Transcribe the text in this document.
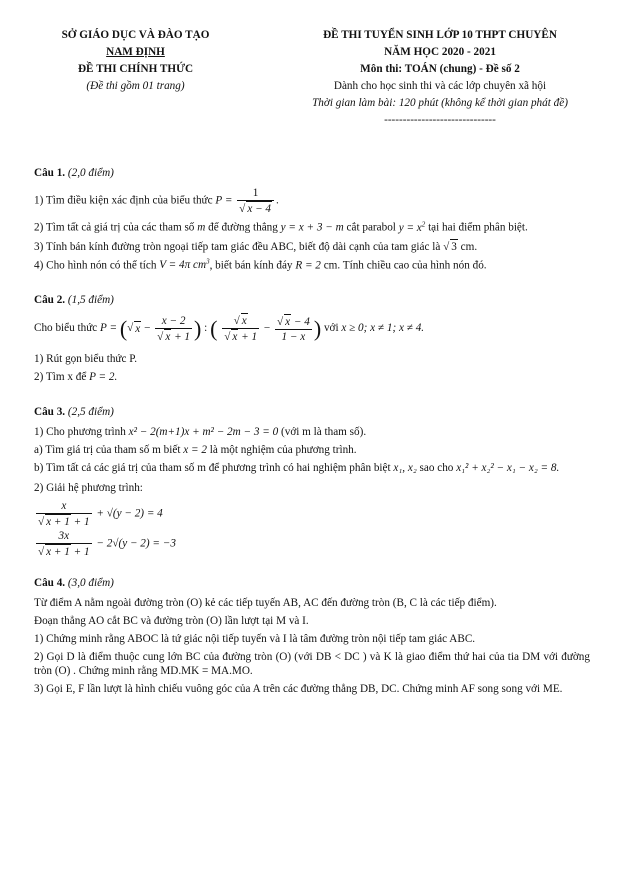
SỞ GIÁO DỤC VÀ ĐÀO TẠO
NAM ĐỊNH
ĐỀ THI CHÍNH THỨC
(Đề thi gồm 01 trang)
ĐỀ THI TUYỂN SINH LỚP 10 THPT CHUYÊN
NĂM HỌC 2020 - 2021
Môn thi: TOÁN (chung) - Đề số 2
Dành cho học sinh thi và các lớp chuyên xã hội
Thời gian làm bài: 120 phút (không kể thời gian phát đề)
------------------------------
Câu 1. (2,0 điểm)

1) Tìm điều kiện xác định của biểu thức $P = \frac{1}{√ x - 4}$ .

2) Tìm tất cả giá trị của các tham số m để đường thẳng y = x + 3 − m cắt parabol $y = x^2$ tại hai điểm phân biệt.

3) Tính bán kính đường tròn ngoại tiếp tam giác đều ABC, biết độ dài cạnh của tam giác là √ 3 cm.

4) Cho hình nón có thể tích V = 4π $cm^3$, biết bán kính đáy R = 2 cm. Tính chiều cao của hình nón đó.

Câu 2. (1,5 điểm)

Cho biểu thức P = (√ $x - \frac{x - 2}{√ x + 1}$ ) : ( $\frac{√ x}{√ x + 1} - \frac{√ x - 4}{1 - x}$ ) với x ≥ 0; x ≠ 1; x ≠ 4.

1) Rút gọn biểu thức P.

2) Tìm x để P = 2.

Câu 3. (2,5 điểm)

1) Cho phương trình x² − 2(m+1)x + m² − 2m − 3 = 0 (với m là tham số).

a) Tìm giá trị của tham số m biết x = 2 là một nghiệm của phương trình.

b) Tìm tất cả các giá trị của tham số m để phương trình có hai nghiệm phân biệt x₁, x₂ sao cho x₁² + x₂² − x₁ − x₂ = 8.

2) Giải hệ phương trình:

$\frac{x}{√ x + 1 + 1} + √(y - 2) = 4$
$\frac{3x}{√ x + 1 + 1} - 2√(y - 2) = -3$

Câu 4. (3,0 điểm)

Từ điểm A nằm ngoài đường tròn (O) kẻ các tiếp tuyến AB, AC đến đường tròn (B, C là các tiếp điểm).

Đoạn thẳng AO cắt BC và đường tròn (O) lần lượt tại M và I.

1) Chứng minh rằng ABOC là tứ giác nội tiếp tuyến và I là tâm đường tròn nội tiếp tam giác ABC.

2) Gọi D là điểm thuộc cung lớn BC của đường tròn (O) (với DB < DC ) và K là giao điểm thứ hai của tia DM với đường tròn (O) . Chứng minh rằng MD.MK = MA.MO.

3) Gọi E, F lần lượt là hình chiếu vuông góc của A trên các đường thẳng DB, DC. Chứng minh AF song song với ME.
